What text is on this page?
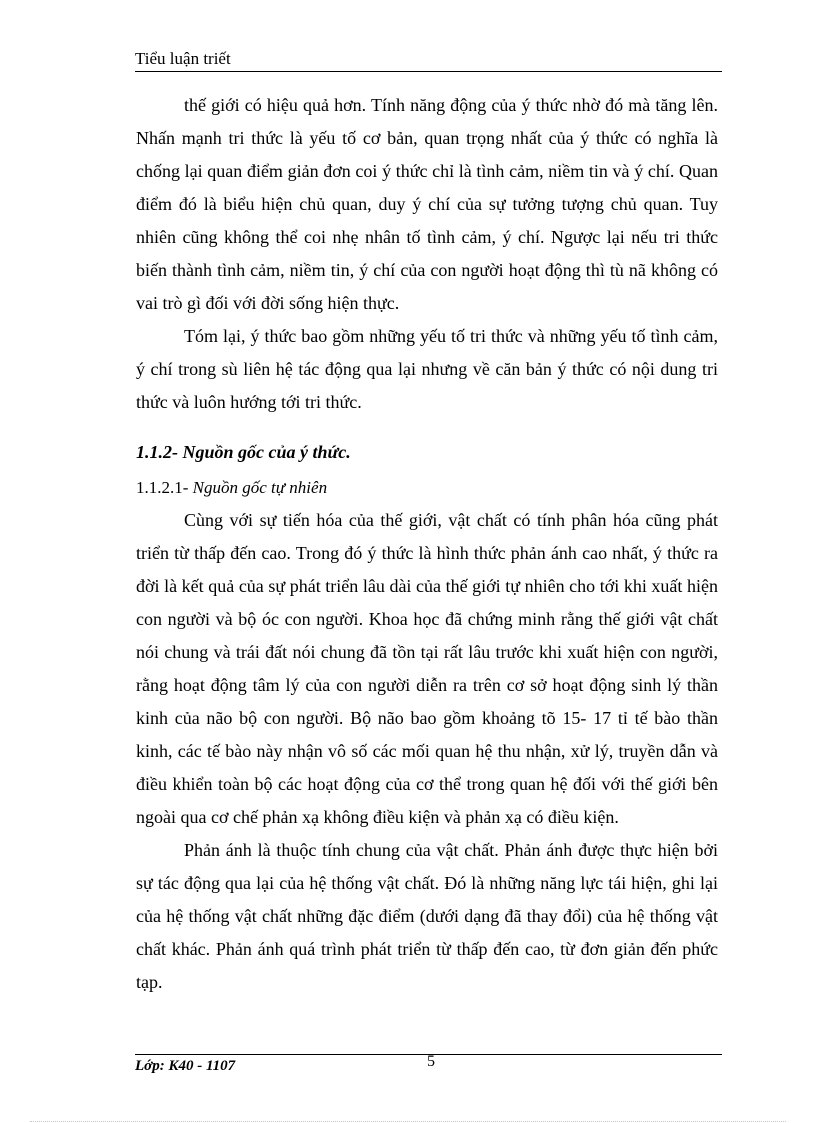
Tiểu luận triết

thế giới có hiệu quả hơn. Tính năng động của ý thức nhờ đó mà tăng lên. Nhấn mạnh tri thức là yếu tố cơ bản, quan trọng nhất của ý thức có nghĩa là chống lại quan điểm giản đơn coi ý thức chỉ là tình cảm, niềm tin và ý chí. Quan điểm đó là biểu hiện chủ quan, duy ý chí của sự tưởng tượng chủ quan. Tuy nhiên cũng không thể coi nhẹ nhân tố tình cảm, ý chí. Ngược lại nếu tri thức biến thành tình cảm, niềm tin, ý chí của con người hoạt động thì tù nã không có vai trò gì đối với đời sống hiện thực.

Tóm lại, ý thức bao gồm những yếu tố tri thức và những yếu tố tình cảm, ý chí trong sù liên hệ tác động qua lại nhưng về căn bản ý thức có nội dung tri thức và luôn hướng tới tri thức.

1.1.2- Nguồn gốc của ý thức.
1.1.2.1- Nguồn gốc tự nhiên

Cùng với sự tiến hóa của thế giới, vật chất có tính phân hóa cũng phát triển từ thấp đến cao. Trong đó ý thức là hình thức phản ánh cao nhất, ý thức ra đời là kết quả của sự phát triển lâu dài của thế giới tự nhiên cho tới khi xuất hiện con người và bộ óc con người. Khoa học đã chứng minh rằng thế giới vật chất nói chung và trái đất nói chung đã tồn tại rất lâu trước khi xuất hiện con người, rằng hoạt động tâm lý của con người diễn ra trên cơ sở hoạt động sinh lý thần kinh của não bộ con người. Bộ não bao gồm khoảng tõ 15- 17 tỉ tế bào thần kinh, các tế bào này nhận vô số các mối quan hệ thu nhận, xử lý, truyền dẫn và điều khiển toàn bộ các hoạt động của cơ thể trong quan hệ đối với thế giới bên ngoài qua cơ chế phản xạ không điều kiện và phản xạ có điều kiện.

Phản ánh là thuộc tính chung của vật chất. Phản ánh được thực hiện bởi sự tác động qua lại của hệ thống vật chất. Đó là những năng lực tái hiện, ghi lại của hệ thống vật chất những đặc điểm (dưới dạng đã thay đổi) của hệ thống vật chất khác. Phản ánh quá trình phát triển từ thấp đến cao, từ đơn giản đến phức tạp.

Lớp: K40 - 1107	5
